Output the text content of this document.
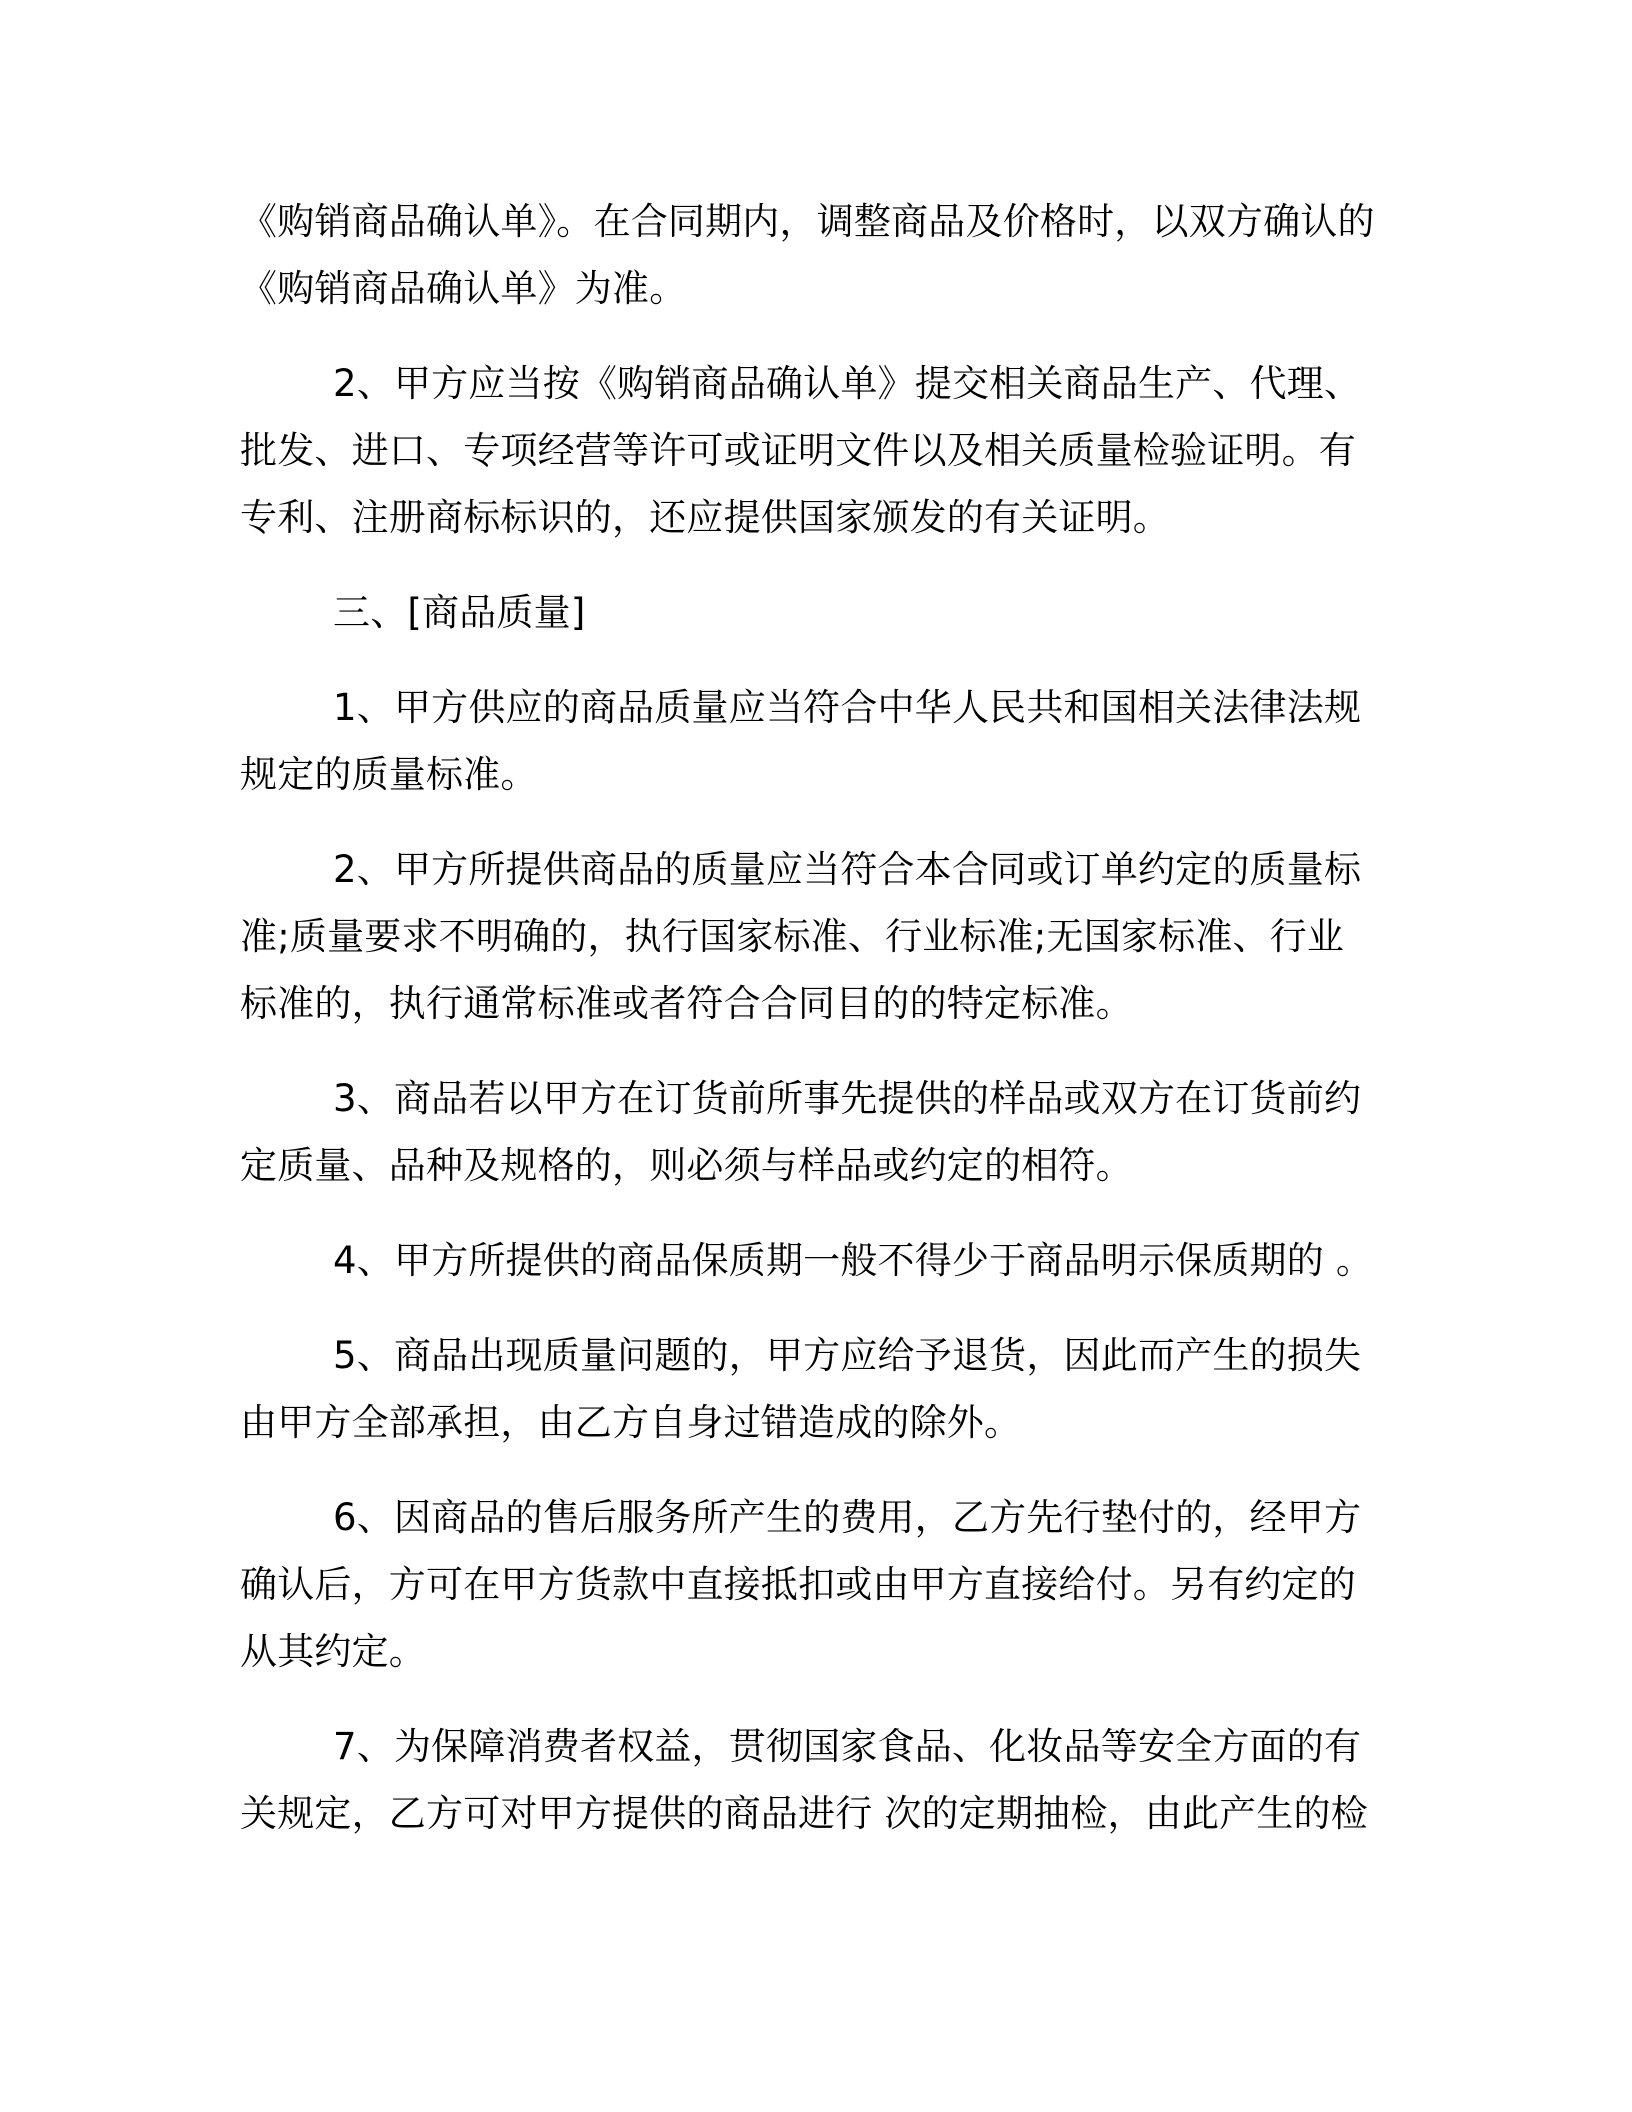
《购销商品确认单》。在合同期内，调整商品及价格时，以双方确认的《购销商品确认单》为准。

2、甲方应当按《购销商品确认单》提交相关商品生产、代理、批发、进口、专项经营等许可或证明文件以及相关质量检验证明。有专利、注册商标标识的，还应提供国家颁发的有关证明。

三、[商品质量]

1、甲方供应的商品质量应当符合中华人民共和国相关法律法规规定的质量标准。

2、甲方所提供商品的质量应当符合本合同或订单约定的质量标准;质量要求不明确的，执行国家标准、行业标准;无国家标准、行业标准的，执行通常标准或者符合合同目的的特定标准。

3、商品若以甲方在订货前所事先提供的样品或双方在订货前约定质量、品种及规格的，则必须与样品或约定的相符。

4、甲方所提供的商品保质期一般不得少于商品明示保质期的 。

5、商品出现质量问题的，甲方应给予退货，因此而产生的损失由甲方全部承担，由乙方自身过错造成的除外。

6、因商品的售后服务所产生的费用，乙方先行垫付的，经甲方确认后，方可在甲方货款中直接抵扣或由甲方直接给付。另有约定的从其约定。

7、为保障消费者权益，贯彻国家食品、化妆品等安全方面的有关规定，乙方可对甲方提供的商品进行 次的定期抽检，由此产生的检
